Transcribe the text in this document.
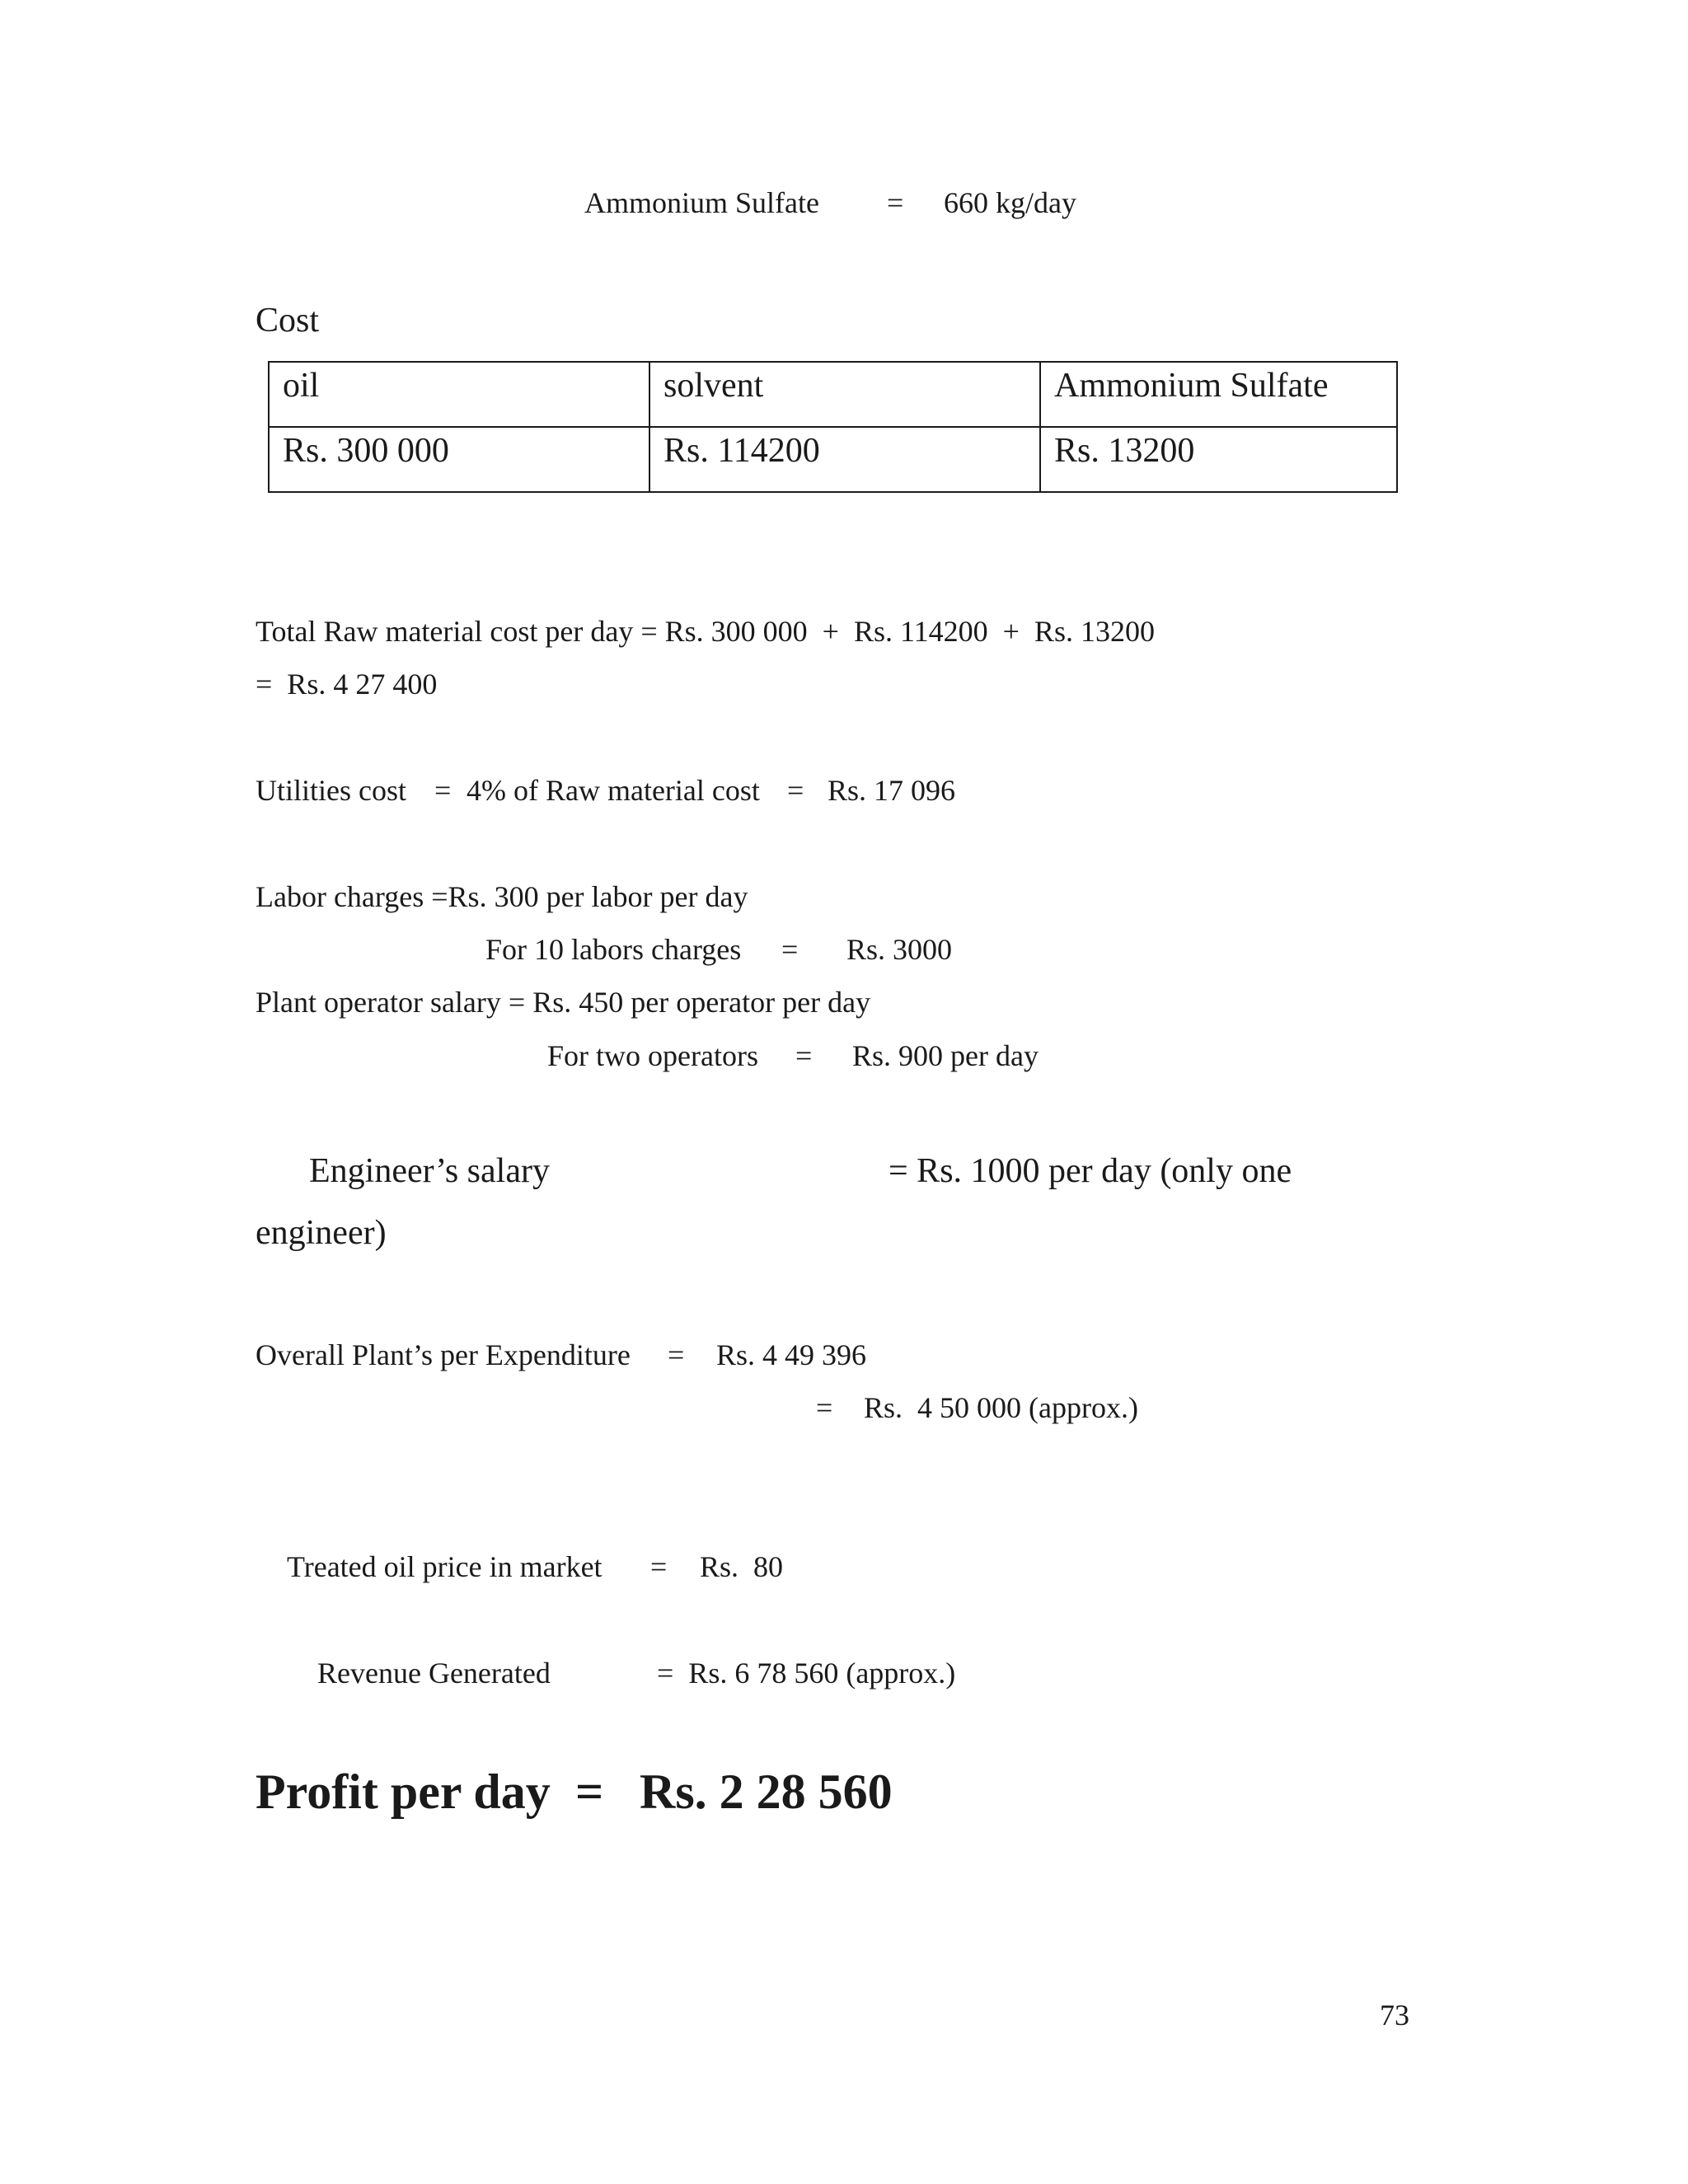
Ammonium Sulfate = 660 kg/day
Cost
oil	solvent	Ammonium Sulfate
Rs. 300 000	Rs. 114200	Rs. 13200
Total Raw material cost per day = Rs. 300 000  +  Rs. 114200  +  Rs. 13200
=  Rs. 4 27 400
Utilities cost = 4% of Raw material cost = Rs. 17 096
Labor charges =Rs. 300 per labor per day
For 10 labors charges = Rs. 3000
Plant operator salary = Rs. 450 per operator per day
For two operators = Rs. 900 per day
Engineer’s salary	= Rs. 1000 per day (only one
engineer)
Overall Plant’s per Expenditure = Rs. 4 49 396
= Rs.  4 50 000 (approx.)
Treated oil price in market = Rs.  80
Revenue Generated	=  Rs. 6 78 560 (approx.)
Profit per day = Rs. 2 28 560
73
